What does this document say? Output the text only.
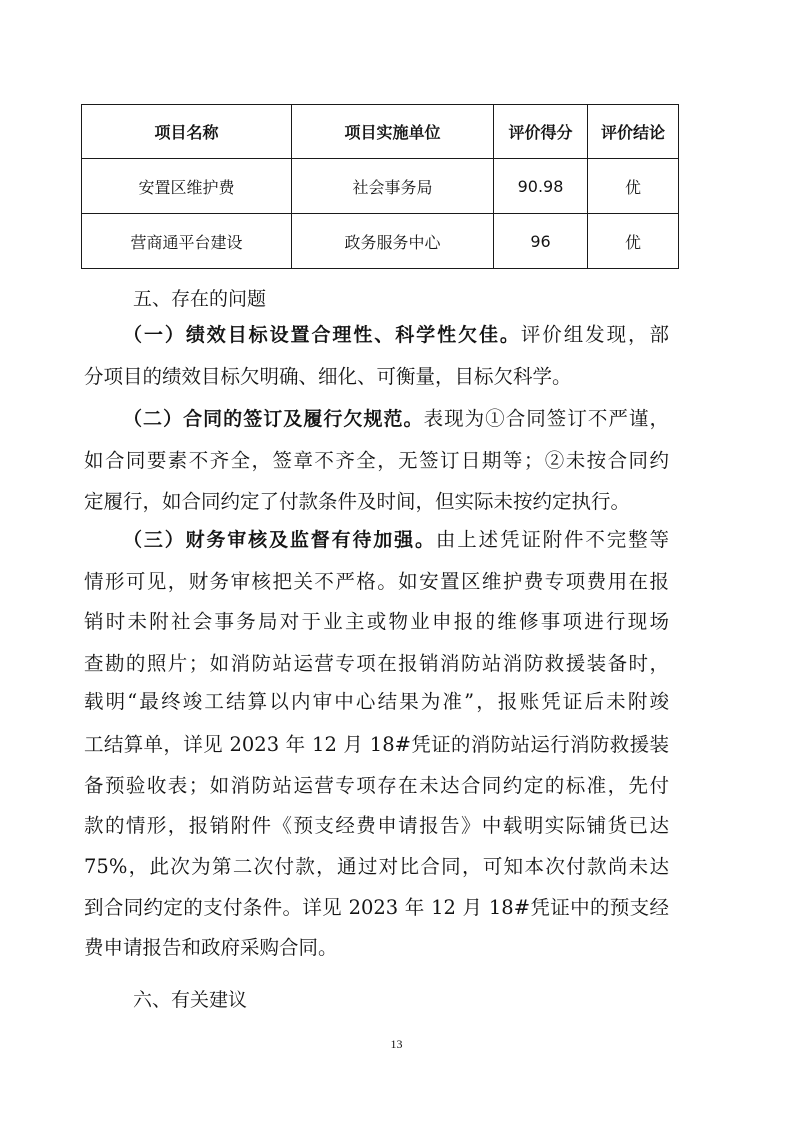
项目名称	项目实施单位	评价得分	评价结论
安置区维护费	社会事务局	90.98	优
营商通平台建设	政务服务中心	96	优
五、存在的问题
（一）绩效目标设置合理性、科学性欠佳。评价组发现，部
分项目的绩效目标欠明确、细化、可衡量，目标欠科学。
（二）合同的签订及履行欠规范。表现为①合同签订不严谨，
如合同要素不齐全，签章不齐全，无签订日期等；②未按合同约
定履行，如合同约定了付款条件及时间，但实际未按约定执行。
（三）财务审核及监督有待加强。由上述凭证附件不完整等
情形可见，财务审核把关不严格。如安置区维护费专项费用在报
销时未附社会事务局对于业主或物业申报的维修事项进行现场
查勘的照片；如消防站运营专项在报销消防站消防救援装备时，
载明“最终竣工结算以内审中心结果为准”，报账凭证后未附竣
工结算单，详见 2023 年 12 月 18#凭证的消防站运行消防救援装
备预验收表；如消防站运营专项存在未达合同约定的标准，先付
款的情形，报销附件《预支经费申请报告》中载明实际铺货已达
75%，此次为第二次付款，通过对比合同，可知本次付款尚未达
到合同约定的支付条件。详见 2023 年 12 月 18#凭证中的预支经
费申请报告和政府采购合同。
六、有关建议
13
